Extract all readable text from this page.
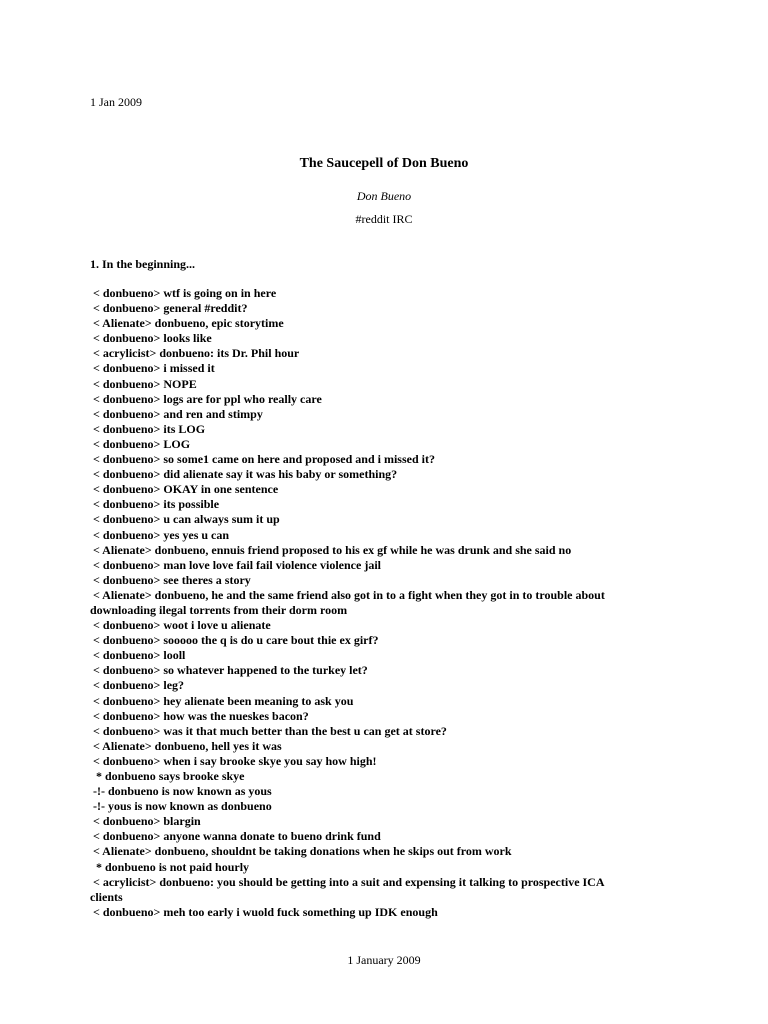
1 Jan 2009
The Saucepell of Don Bueno
Don Bueno
#reddit IRC
1. In the beginning...
< donbueno> wtf is going on in here
< donbueno> general #reddit?
< Alienate> donbueno, epic storytime
< donbueno> looks like
< acrylicist> donbueno: its Dr. Phil hour
< donbueno> i missed it
< donbueno> NOPE
< donbueno> logs are for ppl who really care
< donbueno> and ren and stimpy
< donbueno> its LOG
< donbueno> LOG
< donbueno> so some1 came on here and proposed and i missed it?
< donbueno> did alienate say it was his baby or something?
< donbueno> OKAY in one sentence
< donbueno> its possible
< donbueno> u can always sum it up
< donbueno> yes yes u can
< Alienate> donbueno, ennuis friend proposed to his ex gf while he was drunk and she said no
< donbueno> man love love fail fail violence violence jail
< donbueno> see theres a story
< Alienate> donbueno, he and the same friend also got in to a fight when they got in to trouble about downloading ilegal torrents from their dorm room
< donbueno> woot i love u alienate
< donbueno> sooooo the q is do u care bout thie ex girf?
< donbueno> looll
< donbueno> so whatever happened to the turkey let?
< donbueno> leg?
< donbueno> hey alienate been meaning to ask you
< donbueno> how was the nueskes bacon?
< donbueno> was it that much better than the best u can get at store?
< Alienate> donbueno, hell yes it was
< donbueno> when i say brooke skye you say how high!
* donbueno says brooke skye
-!- donbueno is now known as yous
-!- yous is now known as donbueno
< donbueno> blargin
< donbueno> anyone wanna donate to bueno drink fund
< Alienate> donbueno, shouldnt be taking donations when he skips out from work
* donbueno is not paid hourly
< acrylicist> donbueno: you should be getting into a suit and expensing it talking to prospective ICA clients
< donbueno> meh too early i wuold fuck something up IDK enough
1 January 2009
